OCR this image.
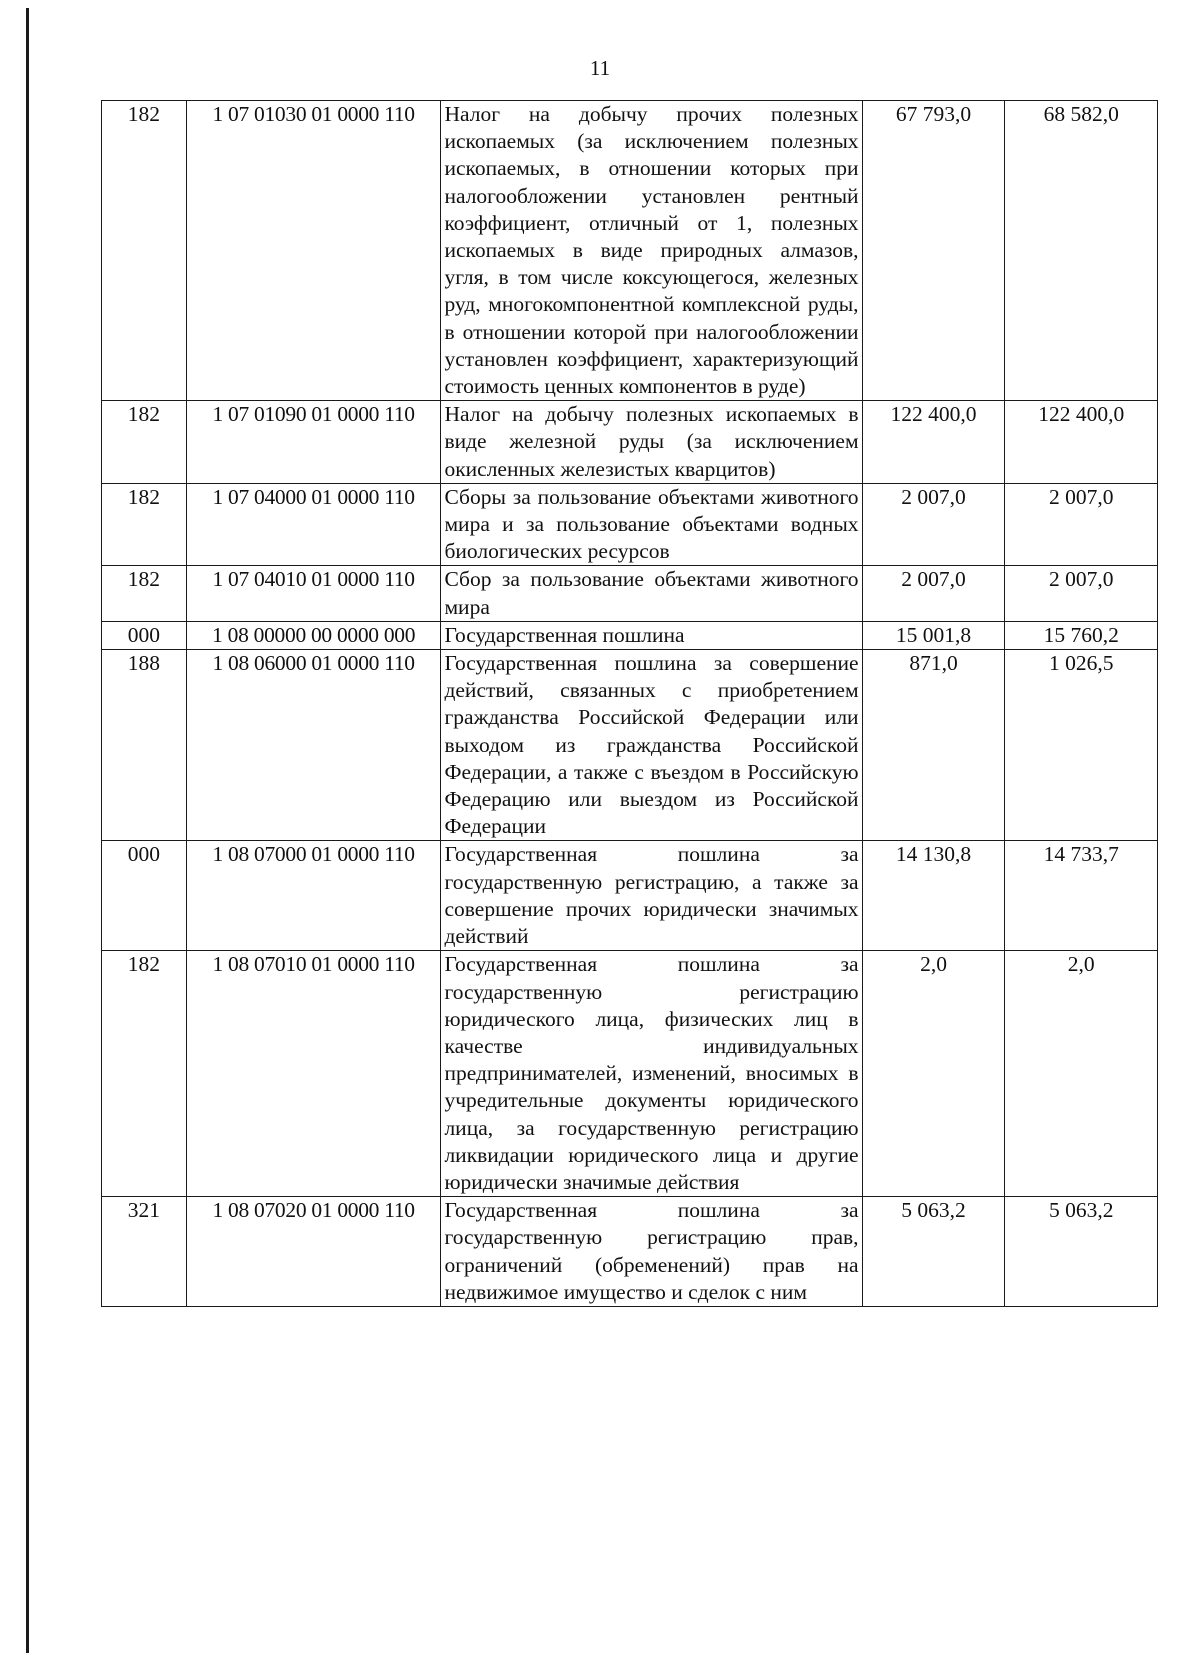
11
182	1 07 01030 01 0000 110	Налог на добычу прочих полезных ископаемых (за исключением полезных ископаемых, в отношении которых при налогообложении установлен рентный коэффициент, отличный от 1, полезных ископаемых в виде природных алмазов, угля, в том числе коксующегося, железных руд, многокомпонентной комплексной руды, в отношении которой при налогообложении установлен коэффициент, характеризующий стоимость ценных компонентов в руде)	67 793,0	68 582,0
182	1 07 01090 01 0000 110	Налог на добычу полезных ископаемых в виде железной руды (за исключением окисленных железистых кварцитов)	122 400,0	122 400,0
182	1 07 04000 01 0000 110	Сборы за пользование объектами животного мира и за пользование объектами водных биологических ресурсов	2 007,0	2 007,0
182	1 07 04010 01 0000 110	Сбор за пользование объектами животного мира	2 007,0	2 007,0
000	1 08 00000 00 0000 000	Государственная пошлина	15 001,8	15 760,2
188	1 08 06000 01 0000 110	Государственная пошлина за совершение действий, связанных с приобретением гражданства Российской Федерации или выходом из гражданства Российской Федерации, а также с въездом в Российскую Федерацию или выездом из Российской Федерации	871,0	1 026,5
000	1 08 07000 01 0000 110	Государственная пошлина за государственную регистрацию, а также за совершение прочих юридически значимых действий	14 130,8	14 733,7
182	1 08 07010 01 0000 110	Государственная пошлина за государственную регистрацию юридического лица, физических лиц в качестве индивидуальных предпринимателей, изменений, вносимых в учредительные документы юридического лица, за государственную регистрацию ликвидации юридического лица и другие юридически значимые действия	2,0	2,0
321	1 08 07020 01 0000 110	Государственная пошлина за государственную регистрацию прав, ограничений (обременений) прав на недвижимое имущество и сделок с ним	5 063,2	5 063,2
